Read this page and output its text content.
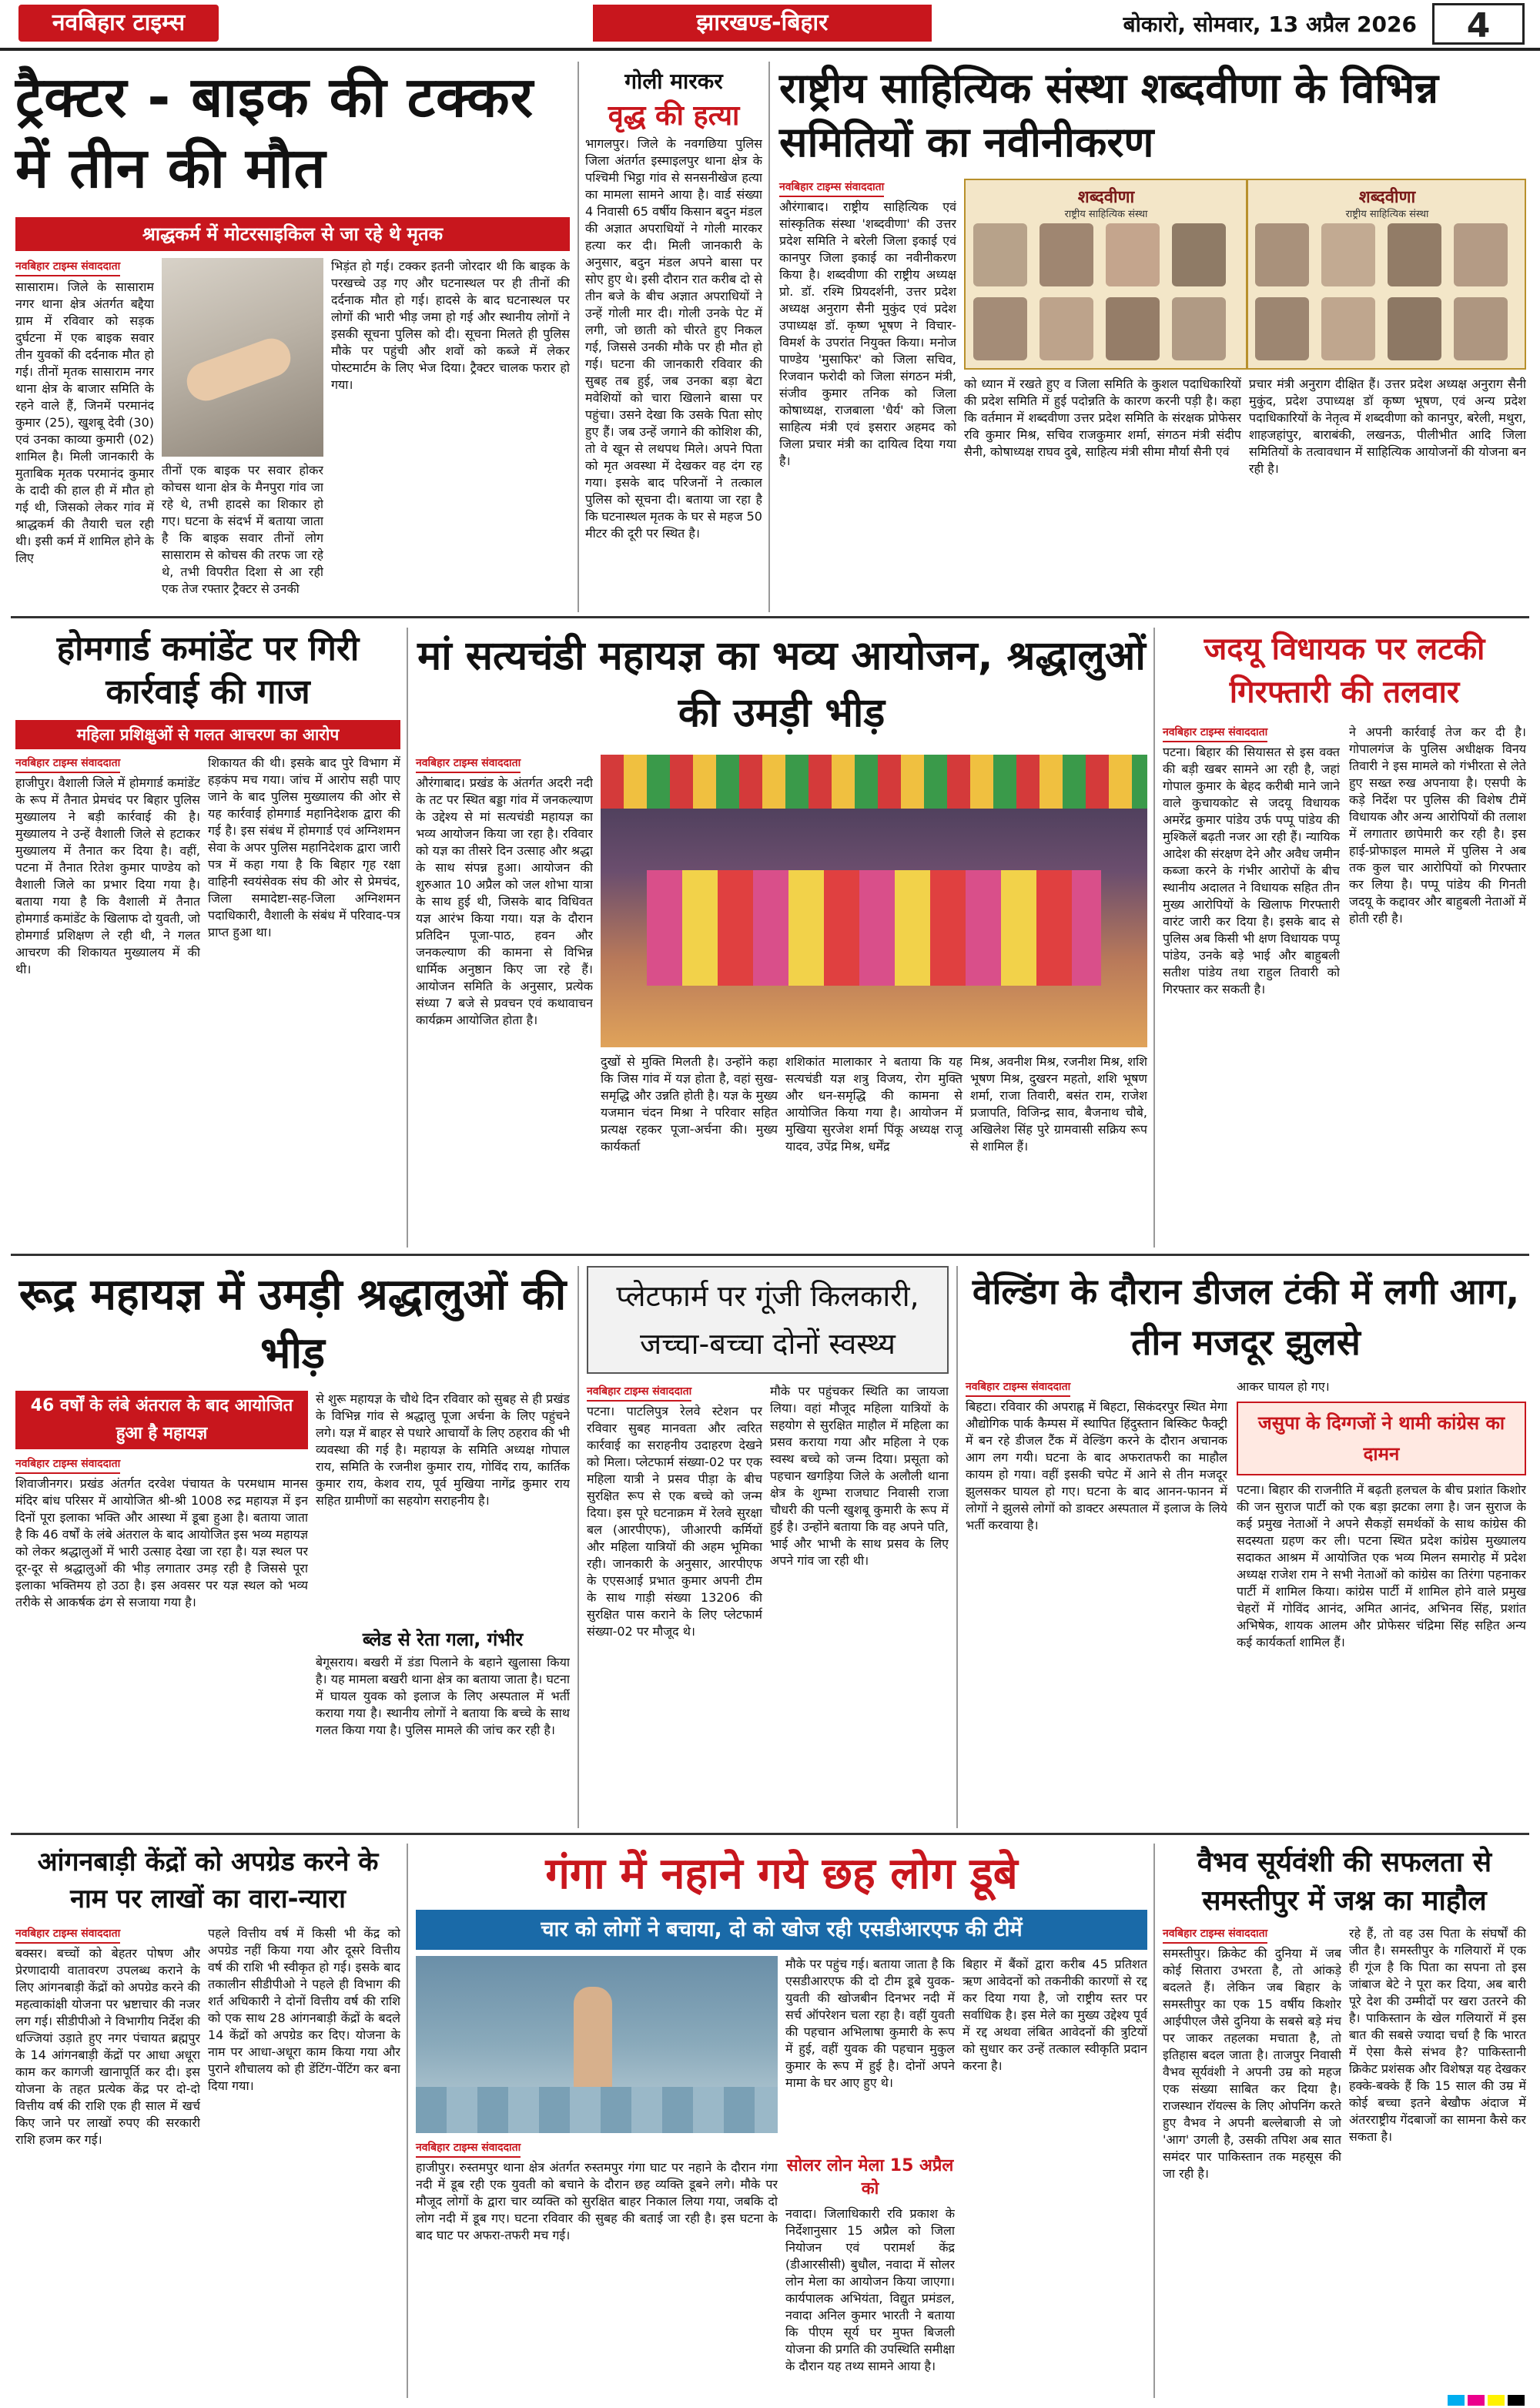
नवबिहार टाइम्स	झारखण्ड-बिहार	बोकारो, सोमवार, 13 अप्रैल 2026	4
ट्रैक्टर - बाइक की टक्कर में तीन की मौत
श्राद्धकर्म में मोटरसाइकिल से जा रहे थे मृतक
नवबिहार टाइम्स संवाददाता
सासाराम। जिले के सासाराम नगर थाना क्षेत्र अंतर्गत बद्दैया ग्राम में रविवार को सड़क दुर्घटना में एक बाइक सवार तीन युवकों की दर्दनाक मौत हो गई। तीनों मृतक सासाराम नगर थाना क्षेत्र के बाजार समिति के रहने वाले हैं, जिनमें परमानंद कुमार (25), खुशबू देवी (30) एवं उनका काव्या कुमारी (02) शामिल है। मिली जानकारी के मुताबिक मृतक परमानंद कुमार के दादी की हाल ही में मौत हो गई थी, जिसको लेकर गांव में श्राद्धकर्म की तैयारी चल रही थी। इसी कर्म में शामिल होने के लिए
तीनों एक बाइक पर सवार होकर कोचस थाना क्षेत्र के मैनपुरा गांव जा रहे थे, तभी हादसे का शिकार हो गए। घटना के संदर्भ में बताया जाता है कि बाइक सवार तीनों लोग सासाराम से कोचस की तरफ जा रहे थे, तभी विपरीत दिशा से आ रही एक तेज रफ्तार ट्रैक्टर से उनकी
भिड़ंत हो गई। टक्कर इतनी जोरदार थी कि बाइक के परखच्चे उड़ गए और घटनास्थल पर ही तीनों की दर्दनाक मौत हो गई। हादसे के बाद घटनास्थल पर लोगों की भारी भीड़ जमा हो गई और स्थानीय लोगों ने इसकी सूचना पुलिस को दी। सूचना मिलते ही पुलिस मौके पर पहुंची और शवों को कब्जे में लेकर पोस्टमार्टम के लिए भेज दिया। ट्रैक्टर चालक फरार हो गया।
गोली मारकर
वृद्ध की हत्या
भागलपुर। जिले के नवगछिया पुलिस जिला अंतर्गत इस्माइलपुर थाना क्षेत्र के पश्चिमी भिट्ठा गांव से सनसनीखेज हत्या का मामला सामने आया है। वार्ड संख्या 4 निवासी 65 वर्षीय किसान बदुन मंडल की अज्ञात अपराधियों ने गोली मारकर हत्या कर दी। मिली जानकारी के अनुसार, बदुन मंडल अपने बासा पर सोए हुए थे। इसी दौरान रात करीब दो से तीन बजे के बीच अज्ञात अपराधियों ने उन्हें गोली मार दी। गोली उनके पेट में लगी, जो छाती को चीरते हुए निकल गई, जिससे उनकी मौके पर ही मौत हो गई। घटना की जानकारी रविवार की सुबह तब हुई, जब उनका बड़ा बेटा मवेशियों को चारा खिलाने बासा पर पहुंचा। उसने देखा कि उसके पिता सोए हुए हैं। जब उन्हें जगाने की कोशिश की, तो वे खून से लथपथ मिले। अपने पिता को मृत अवस्था में देखकर वह दंग रह गया। इसके बाद परिजनों ने तत्काल पुलिस को सूचना दी। बताया जा रहा है कि घटनास्थल मृतक के घर से महज 50 मीटर की दूरी पर स्थित है।
राष्ट्रीय साहित्यिक संस्था शब्दवीणा के विभिन्न समितियों का नवीनीकरण
नवबिहार टाइम्स संवाददाता
औरंगाबाद। राष्ट्रीय साहित्यिक एवं सांस्कृतिक संस्था 'शब्दवीणा' की उत्तर प्रदेश समिति ने बरेली जिला इकाई एवं कानपुर जिला इकाई का नवीनीकरण किया है। शब्दवीणा की राष्ट्रीय अध्यक्ष प्रो. डॉ. रश्मि प्रियदर्शनी, उत्तर प्रदेश अध्यक्ष अनुराग सैनी मुकुंद एवं प्रदेश उपाध्यक्ष डॉ. कृष्ण भूषण ने विचार-विमर्श के उपरांत नियुक्त किया। मनोज पाण्डेय 'मुसाफिर' को जिला सचिव, रिजवान फरोदी को जिला संगठन मंत्री, संजीव कुमार तनिक को जिला कोषाध्यक्ष, राजबाला 'धैर्य' को जिला साहित्य मंत्री एवं इसरार अहमद को जिला प्रचार मंत्री का दायित्व दिया गया है।
शब्दवीणा	शब्दवीणा
राष्ट्रीय साहित्यिक संस्था	राष्ट्रीय साहित्यिक संस्था
को ध्यान में रखते हुए व जिला समिति के कुशल पदाधिकारियों की प्रदेश समिति में हुई पदोन्नति के कारण करनी पड़ी है। कहा कि वर्तमान में शब्दवीणा उत्तर प्रदेश समिति के संरक्षक प्रोफेसर रवि कुमार मिश्र, सचिव राजकुमार शर्मा, संगठन मंत्री संदीप सैनी, कोषाध्यक्ष राघव दुबे, साहित्य मंत्री सीमा मौर्या सैनी एवं
प्रचार मंत्री अनुराग दीक्षित हैं। उत्तर प्रदेश अध्यक्ष अनुराग सैनी मुकुंद, प्रदेश उपाध्यक्ष डॉ कृष्ण भूषण, एवं अन्य प्रदेश पदाधिकारियों के नेतृत्व में शब्दवीणा को कानपुर, बरेली, मथुरा, शाहजहांपुर, बाराबंकी, लखनऊ, पीलीभीत आदि जिला समितियों के तत्वावधान में साहित्यिक आयोजनों की योजना बन रही है।
होमगार्ड कमांडेंट पर गिरी कार्रवाई की गाज
महिला प्रशिक्षुओं से गलत आचरण का आरोप
नवबिहार टाइम्स संवाददाता
हाजीपुर। वैशाली जिले में होमगार्ड कमांडेंट के रूप में तैनात प्रेमचंद पर बिहार पुलिस मुख्यालय ने बड़ी कार्रवाई की है। मुख्यालय ने उन्हें वैशाली जिले से हटाकर मुख्यालय में तैनात कर दिया है। वहीं, पटना में तैनात रितेश कुमार पाण्डेय को वैशाली जिले का प्रभार दिया गया है। बताया गया है कि वैशाली में तैनात होमगार्ड कमांडेंट के खिलाफ दो युवती, जो होमगार्ड प्रशिक्षण ले रही थी, ने गलत आचरण की शिकायत मुख्यालय में की थी।
शिकायत की थी। इसके बाद पुरे विभाग में हड़कंप मच गया। जांच में आरोप सही पाए जाने के बाद पुलिस मुख्यालय की ओर से यह कार्रवाई होमगार्ड महानिदेशक द्वारा की गई है। इस संबंध में होमगार्ड एवं अग्निशमन सेवा के अपर पुलिस महानिदेशक द्वारा जारी पत्र में कहा गया है कि बिहार गृह रक्षा वाहिनी स्वयंसेवक संघ की ओर से प्रेमचंद, जिला समादेष्टा-सह-जिला अग्निशमन पदाधिकारी, वैशाली के संबंध में परिवाद-पत्र प्राप्त हुआ था।
मां सत्यचंडी महायज्ञ का भव्य आयोजन, श्रद्धालुओं की उमड़ी भीड़
नवबिहार टाइम्स संवाददाता
औरंगाबाद। प्रखंड के अंतर्गत अदरी नदी के तट पर स्थित बड्डा गांव में जनकल्याण के उद्देश्य से मां सत्यचंडी महायज्ञ का भव्य आयोजन किया जा रहा है। रविवार को यज्ञ का तीसरे दिन उत्साह और श्रद्धा के साथ संपन्न हुआ। आयोजन की शुरुआत 10 अप्रैल को जल शोभा यात्रा के साथ हुई थी, जिसके बाद विधिवत यज्ञ आरंभ किया गया। यज्ञ के दौरान प्रतिदिन पूजा-पाठ, हवन और जनकल्याण की कामना से विभिन्न धार्मिक अनुष्ठान किए जा रहे हैं। आयोजन समिति के अनुसार, प्रत्येक संध्या 7 बजे से प्रवचन एवं कथावाचन कार्यक्रम आयोजित होता है।
दुखों से मुक्ति मिलती है। उन्होंने कहा कि जिस गांव में यज्ञ होता है, वहां सुख-समृद्धि और उन्नति होती है। यज्ञ के मुख्य यजमान चंदन मिश्रा ने परिवार सहित प्रत्यक्ष रहकर पूजा-अर्चना की। मुख्य कार्यकर्ता
शशिकांत मालाकार ने बताया कि यह सत्यचंडी यज्ञ शत्रु विजय, रोग मुक्ति और धन-समृद्धि की कामना से आयोजित किया गया है। आयोजन में मुखिया सुरजेश शर्मा पिंकू अध्यक्ष राजू यादव, उपेंद्र मिश्र, धर्मेंद्र
मिश्र, अवनीश मिश्र, रजनीश मिश्र, शशि भूषण मिश्र, दुखरन महतो, शशि भूषण शर्मा, राजा तिवारी, बसंत राम, राजेश प्रजापति, विजिन्द्र साव, बैजनाथ चौबे, अखिलेश सिंह पुरे ग्रामवासी सक्रिय रूप से शामिल हैं।
जदयू विधायक पर लटकी गिरफ्तारी की तलवार
नवबिहार टाइम्स संवाददाता
पटना। बिहार की सियासत से इस वक्त की बड़ी खबर सामने आ रही है, जहां गोपाल कुमार के बेहद करीबी माने जाने वाले कुचायकोट से जदयू विधायक अमरेंद्र कुमार पांडेय उर्फ पप्पू पांडेय की मुश्किलें बढ़ती नजर आ रही हैं। न्यायिक आदेश की संरक्षण देने और अवैध जमीन कब्जा करने के गंभीर आरोपों के बीच स्थानीय अदालत ने विधायक सहित तीन मुख्य आरोपियों के खिलाफ गिरफ्तारी वारंट जारी कर दिया है। इसके बाद से पुलिस अब किसी भी क्षण विधायक पप्पू पांडेय, उनके बड़े भाई और बाहुबली सतीश पांडेय तथा राहुल तिवारी को गिरफ्तार कर सकती है।
ने अपनी कार्रवाई तेज कर दी है। गोपालगंज के पुलिस अधीक्षक विनय तिवारी ने इस मामले को गंभीरता से लेते हुए सख्त रुख अपनाया है। एसपी के कड़े निर्देश पर पुलिस की विशेष टीमें विधायक और अन्य आरोपियों की तलाश में लगातार छापेमारी कर रही है। इस हाई-प्रोफाइल मामले में पुलिस ने अब तक कुल चार आरोपियों को गिरफ्तार कर लिया है। पप्पू पांडेय की गिनती जदयू के कद्दावर और बाहुबली नेताओं में होती रही है।
रूद्र महायज्ञ में उमड़ी श्रद्धालुओं की भीड़
46 वर्षों के लंबे अंतराल के बाद आयोजित हुआ है महायज्ञ
नवबिहार टाइम्स संवाददाता
शिवाजीनगर। प्रखंड अंतर्गत दरवेश पंचायत के परमधाम मानस मंदिर बांध परिसर में आयोजित श्री-श्री 1008 रुद्र महायज्ञ में इन दिनों पूरा इलाका भक्ति और आस्था में डूबा हुआ है। बताया जाता है कि 46 वर्षों के लंबे अंतराल के बाद आयोजित इस भव्य महायज्ञ को लेकर श्रद्धालुओं में भारी उत्साह देखा जा रहा है। यज्ञ स्थल पर दूर-दूर से श्रद्धालुओं की भीड़ लगातार उमड़ रही है जिससे पूरा इलाका भक्तिमय हो उठा है। इस अवसर पर यज्ञ स्थल को भव्य तरीके से आकर्षक ढंग से सजाया गया है।
से शुरू महायज्ञ के चौथे दिन रविवार को सुबह से ही प्रखंड के विभिन्न गांव से श्रद्धालु पूजा अर्चना के लिए पहुंचने लगे। यज्ञ में बाहर से पधारे आचार्यों के लिए ठहराव की भी व्यवस्था की गई है। महायज्ञ के समिति अध्यक्ष गोपाल राय, समिति के रजनीश कुमार राय, गोविंद राय, कार्तिक कुमार राय, केशव राय, पूर्व मुखिया नागेंद्र कुमार राय सहित ग्रामीणों का सहयोग सराहनीय है।
ब्लेड से रेता गला, गंभीर
बेगूसराय। बखरी में डंडा पिलाने के बहाने खुलासा किया है। यह मामला बखरी थाना क्षेत्र का बताया जाता है। घटना में घायल युवक को इलाज के लिए अस्पताल में भर्ती कराया गया है। स्थानीय लोगों ने बताया कि बच्चे के साथ गलत किया गया है। पुलिस मामले की जांच कर रही है।
प्लेटफार्म पर गूंजी किलकारी, जच्चा-बच्चा दोनों स्वस्थ्य
नवबिहार टाइम्स संवाददाता
पटना। पाटलिपुत्र रेलवे स्टेशन पर रविवार सुबह मानवता और त्वरित कार्रवाई का सराहनीय उदाहरण देखने को मिला। प्लेटफार्म संख्या-02 पर एक महिला यात्री ने प्रसव पीड़ा के बीच सुरक्षित रूप से एक बच्चे को जन्म दिया। इस पूरे घटनाक्रम में रेलवे सुरक्षा बल (आरपीएफ), जीआरपी कर्मियों और महिला यात्रियों की अहम भूमिका रही। जानकारी के अनुसार, आरपीएफ के एएसआई प्रभात कुमार अपनी टीम के साथ गाड़ी संख्या 13206 की सुरक्षित पास कराने के लिए प्लेटफार्म संख्या-02 पर मौजूद थे।
मौके पर पहुंचकर स्थिति का जायजा लिया। वहां मौजूद महिला यात्रियों के सहयोग से सुरक्षित माहौल में महिला का प्रसव कराया गया और महिला ने एक स्वस्थ बच्चे को जन्म दिया। प्रसूता को पहचान खगड़िया जिले के अलौली थाना क्षेत्र के शुम्भा राजघाट निवासी राजा चौधरी की पत्नी खुशबू कुमारी के रूप में हुई है। उन्होंने बताया कि वह अपने पति, भाई और भाभी के साथ प्रसव के लिए अपने गांव जा रही थी।
वेल्डिंग के दौरान डीजल टंकी में लगी आग, तीन मजदूर झुलसे
नवबिहार टाइम्स संवाददाता
बिहटा। रविवार की अपराह्न में बिहटा, सिकंदरपुर स्थित मेगा औद्योगिक पार्क कैम्पस में स्थापित हिंदुस्तान बिस्किट फैक्ट्री में बन रहे डीजल टैंक में वेल्डिंग करने के दौरान अचानक आग लग गयी। घटना के बाद अफरातफरी का माहौल कायम हो गया। वहीं इसकी चपेट में आने से तीन मजदूर झुलसकर घायल हो गए। घटना के बाद आनन-फानन में लोगों ने झुलसे लोगों को डाक्टर अस्पताल में इलाज के लिये भर्ती करवाया है।
आकर घायल हो गए।
जसुपा के दिग्गजों ने थामी कांग्रेस का दामन
पटना। बिहार की राजनीति में बढ़ती हलचल के बीच प्रशांत किशोर की जन सुराज पार्टी को एक बड़ा झटका लगा है। जन सुराज के कई प्रमुख नेताओं ने अपने सैकड़ों समर्थकों के साथ कांग्रेस की सदस्यता ग्रहण कर ली। पटना स्थित प्रदेश कांग्रेस मुख्यालय सदाकत आश्रम में आयोजित एक भव्य मिलन समारोह में प्रदेश अध्यक्ष राजेश राम ने सभी नेताओं को कांग्रेस का तिरंगा पहनाकर पार्टी में शामिल किया। कांग्रेस पार्टी में शामिल होने वाले प्रमुख चेहरों में गोविंद आनंद, अमित आनंद, अभिनव सिंह, प्रशांत अभिषेक, शायक आलम और प्रोफेसर चंद्रिमा सिंह सहित अन्य कई कार्यकर्ता शामिल हैं।
आंगनबाड़ी केंद्रों को अपग्रेड करने के नाम पर लाखों का वारा-न्यारा
नवबिहार टाइम्स संवाददाता
बक्सर। बच्चों को बेहतर पोषण और प्रेरणादायी वातावरण उपलब्ध कराने के लिए आंगनबाड़ी केंद्रों को अपग्रेड करने की महत्वाकांक्षी योजना पर भ्रष्टाचार की नजर लग गई। सीडीपीओ ने विभागीय निर्देश की धज्जियां उड़ाते हुए नगर पंचायत ब्रह्मपुर के 14 आंगनबाड़ी केंद्रों पर आधा अधूरा काम कर कागजी खानापूर्ति कर दी। इस योजना के तहत प्रत्येक केंद्र पर दो-दो वित्तीय वर्ष की राशि एक ही साल में खर्च किए जाने पर लाखों रुपए की सरकारी राशि हजम कर गई।
पहले वित्तीय वर्ष में किसी भी केंद्र को अपग्रेड नहीं किया गया और दूसरे वित्तीय वर्ष की राशि भी स्वीकृत हो गई। इसके बाद तकालीन सीडीपीओ ने पहले ही विभाग की शर्त अधिकारी ने दोनों वित्तीय वर्ष की राशि को एक साथ 28 आंगनबाड़ी केंद्रों के बदले 14 केंद्रों को अपग्रेड कर दिए। योजना के नाम पर आधा-अधूरा काम किया गया और पुराने शौचालय को ही डेंटिंग-पेंटिंग कर बना दिया गया।
गंगा में नहाने गये छह लोग डूबे
चार को लोगों ने बचाया, दो को खोज रही एसडीआरएफ की टीमें
नवबिहार टाइम्स संवाददाता
हाजीपुर। रुस्तमपुर थाना क्षेत्र अंतर्गत रुस्तमपुर गंगा घाट पर नहाने के दौरान गंगा नदी में डूब रही एक युवती को बचाने के दौरान छह व्यक्ति डूबने लगे। मौके पर मौजूद लोगों के द्वारा चार व्यक्ति को सुरक्षित बाहर निकाल लिया गया, जबकि दो लोग नदी में डूब गए। घटना रविवार की सुबह की बताई जा रही है। इस घटना के बाद घाट पर अफरा-तफरी मच गई।
मौके पर पहुंच गई। बताया जाता है कि एसडीआरएफ की दो टीम डूबे युवक-युवती की खोजबीन दिनभर नदी में सर्च ऑपरेशन चला रहा है। वहीं युवती की पहचान अभिलाषा कुमारी के रूप में हुई, वहीं युवक की पहचान मुकुल कुमार के रूप में हुई है। दोनों अपने मामा के घर आए हुए थे।
बिहार में बैंकों द्वारा करीब 45 प्रतिशत ऋण आवेदनों को तकनीकी कारणों से रद्द कर दिया गया है, जो राष्ट्रीय स्तर पर सर्वाधिक है। इस मेले का मुख्य उद्देश्य पूर्व में रद्द अथवा लंबित आवेदनों की त्रुटियों को सुधार कर उन्हें तत्काल स्वीकृति प्रदान करना है।
सोलर लोन मेला 15 अप्रैल को
नवादा। जिलाधिकारी रवि प्रकाश के निर्देशानुसार 15 अप्रैल को जिला नियोजन एवं परामर्श केंद्र (डीआरसीसी) बुधौल, नवादा में सोलर लोन मेला का आयोजन किया जाएगा। कार्यपालक अभियंता, विद्युत प्रमंडल, नवादा अनिल कुमार भारती ने बताया कि पीएम सूर्य घर मुफ्त बिजली योजना की प्रगति की उपस्थिति समीक्षा के दौरान यह तथ्य सामने आया है।
वैभव सूर्यवंशी की सफलता से समस्तीपुर में जश्न का माहौल
नवबिहार टाइम्स संवाददाता
समस्तीपुर। क्रिकेट की दुनिया में जब कोई सितारा उभरता है, तो आंकड़े बदलते हैं। लेकिन जब बिहार के समस्तीपुर का एक 15 वर्षीय किशोर आईपीएल जैसे दुनिया के सबसे बड़े मंच पर जाकर तहलका मचाता है, तो इतिहास बदल जाता है। ताजपुर निवासी वैभव सूर्यवंशी ने अपनी उम्र को महज एक संख्या साबित कर दिया है। राजस्थान रॉयल्स के लिए ओपनिंग करते हुए वैभव ने अपनी बल्लेबाजी से जो 'आग' उगली है, उसकी तपिश अब सात समंदर पार पाकिस्तान तक महसूस की जा रही है।
रहे हैं, तो वह उस पिता के संघर्षों की जीत है। समस्तीपुर के गलियारों में एक ही गूंज है कि पिता का सपना तो इस जांबाज बेटे ने पूरा कर दिया, अब बारी पूरे देश की उम्मीदों पर खरा उतरने की है। पाकिस्तान के खेल गलियारों में इस बात की सबसे ज्यादा चर्चा है कि भारत में ऐसा कैसे संभव है? पाकिस्तानी क्रिकेट प्रशंसक और विशेषज्ञ यह देखकर हक्के-बक्के हैं कि 15 साल की उम्र में कोई बच्चा इतने बेखौफ अंदाज में अंतरराष्ट्रीय गेंदबाजों का सामना कैसे कर सकता है।
